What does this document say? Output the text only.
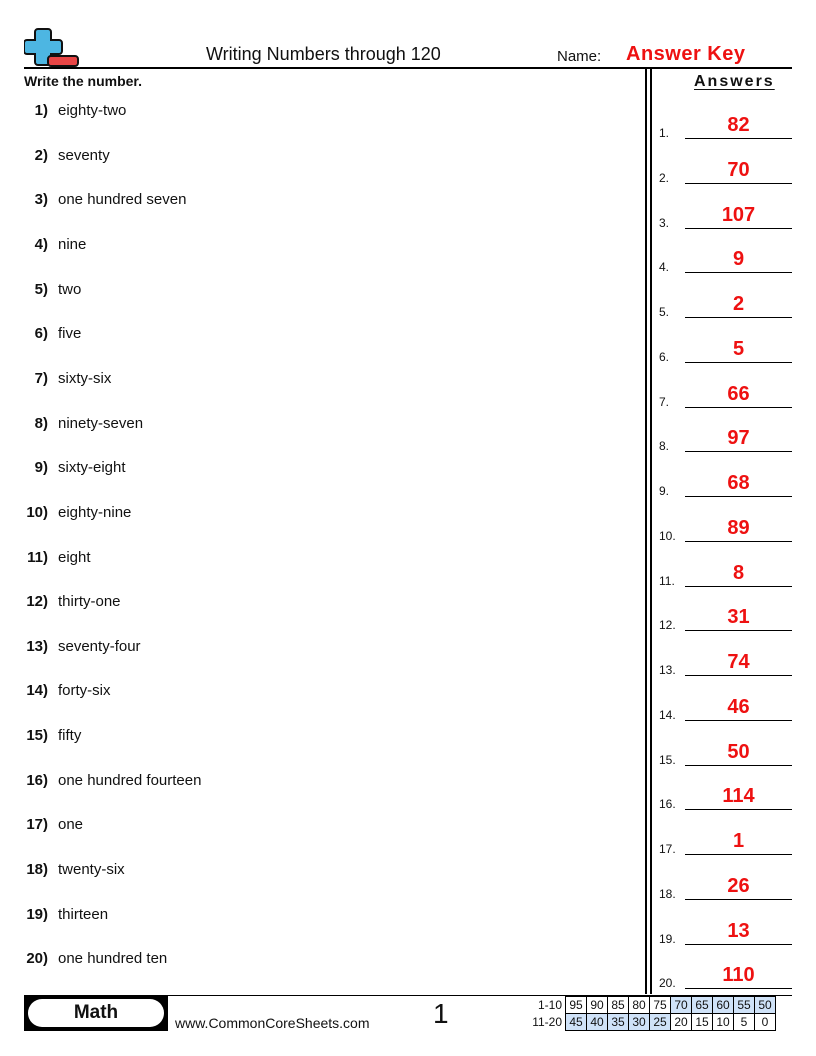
Writing Numbers through 120	Name: Answer Key
Write the number.	Answers
1) eighty-two
2) seventy
3) one hundred seven
4) nine
5) two
6) five
7) sixty-six
8) ninety-seven
9) sixty-eight
10) eighty-nine
11) eight
12) thirty-one
13) seventy-four
14) forty-six
15) fifty
16) one hundred fourteen
17) one
18) twenty-six
19) thirteen
20) one hundred ten
1.	82
2.	70
3.	107
4.	9
5.	2
6.	5
7.	66
8.	97
9.	68
10.	89
11.	8
12.	31
13.	74
14.	46
15.	50
16.	114
17.	1
18.	26
19.	13
20.	110
Math	www.CommonCoreSheets.com 1	1-10	95	90	85	80	75	70	65	60	55	50
11-20	45	40	35	30	25	20	15	10	5	0
